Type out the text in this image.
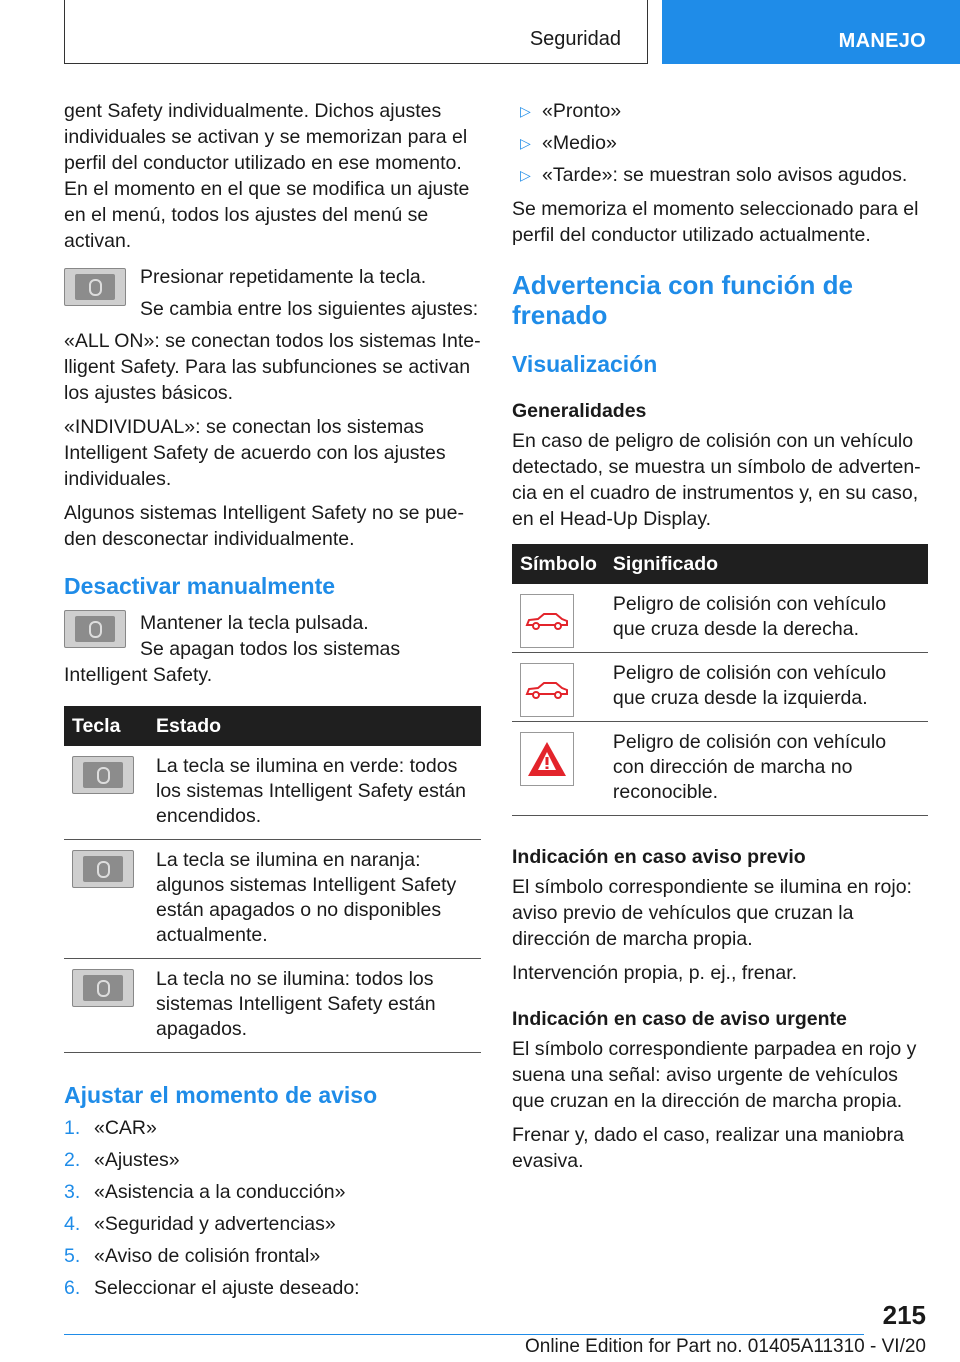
Seguridad	MANEJO

gent Safety individualmente. Dichos ajustes individuales se activan y se memorizan para el perfil del conductor utilizado en ese momento. En el momento en el que se modifica un ajuste en el menú, todos los ajustes del menú se activan.

Presionar repetidamente la tecla.

Se cambia entre los siguientes ajustes:

«ALL ON»: se conectan todos los sistemas Intelligent Safety. Para las subfunciones se activan los ajustes básicos.

«INDIVIDUAL»: se conectan los sistemas Intelligent Safety de acuerdo con los ajustes individuales.

Algunos sistemas Intelligent Safety no se pueden desconectar individualmente.

Desactivar manualmente

Mantener la tecla pulsada.

Se apagan todos los sistemas Intelligent Safety.

Tecla	Estado

	La tecla se ilumina en verde: todos los sistemas Intelligent Safety están encendidos.

	La tecla se ilumina en naranja: algunos sistemas Intelligent Safety están apagados o no disponibles actualmente.

	La tecla no se ilumina: todos los sistemas Intelligent Safety están apagados.
Ajustar el momento de aviso
1. «CAR»
2. «Ajustes»
3. «Asistencia a la conducción»
4. «Seguridad y advertencias»
5. «Aviso de colisión frontal»
6. Seleccionar el ajuste deseado:
▷ «Pronto»
▷ «Medio»
▷ «Tarde»: se muestran solo avisos agudos.

Se memoriza el momento seleccionado para el perfil del conductor utilizado actualmente.

Advertencia con función de frenado
Visualización
Generalidades

En caso de peligro de colisión con un vehículo detectado, se muestra un símbolo de advertencia en el cuadro de instrumentos y, en su caso, en el Head-Up Display.

Símbolo	Significado

	Peligro de colisión con vehículo que cruza desde la derecha.

	Peligro de colisión con vehículo que cruza desde la izquierda.

	Peligro de colisión con vehículo con dirección de marcha no reconocible.
Indicación en caso aviso previo

El símbolo correspondiente se ilumina en rojo: aviso previo de vehículos que cruzan la dirección de marcha propia.

Intervención propia, p. ej., frenar.

Indicación en caso de aviso urgente

El símbolo correspondiente parpadea en rojo y suena una señal: aviso urgente de vehículos que cruzan en la dirección de marcha propia.

Frenar y, dado el caso, realizar una maniobra evasiva.

215
Online Edition for Part no. 01405A11310 - VI/20
